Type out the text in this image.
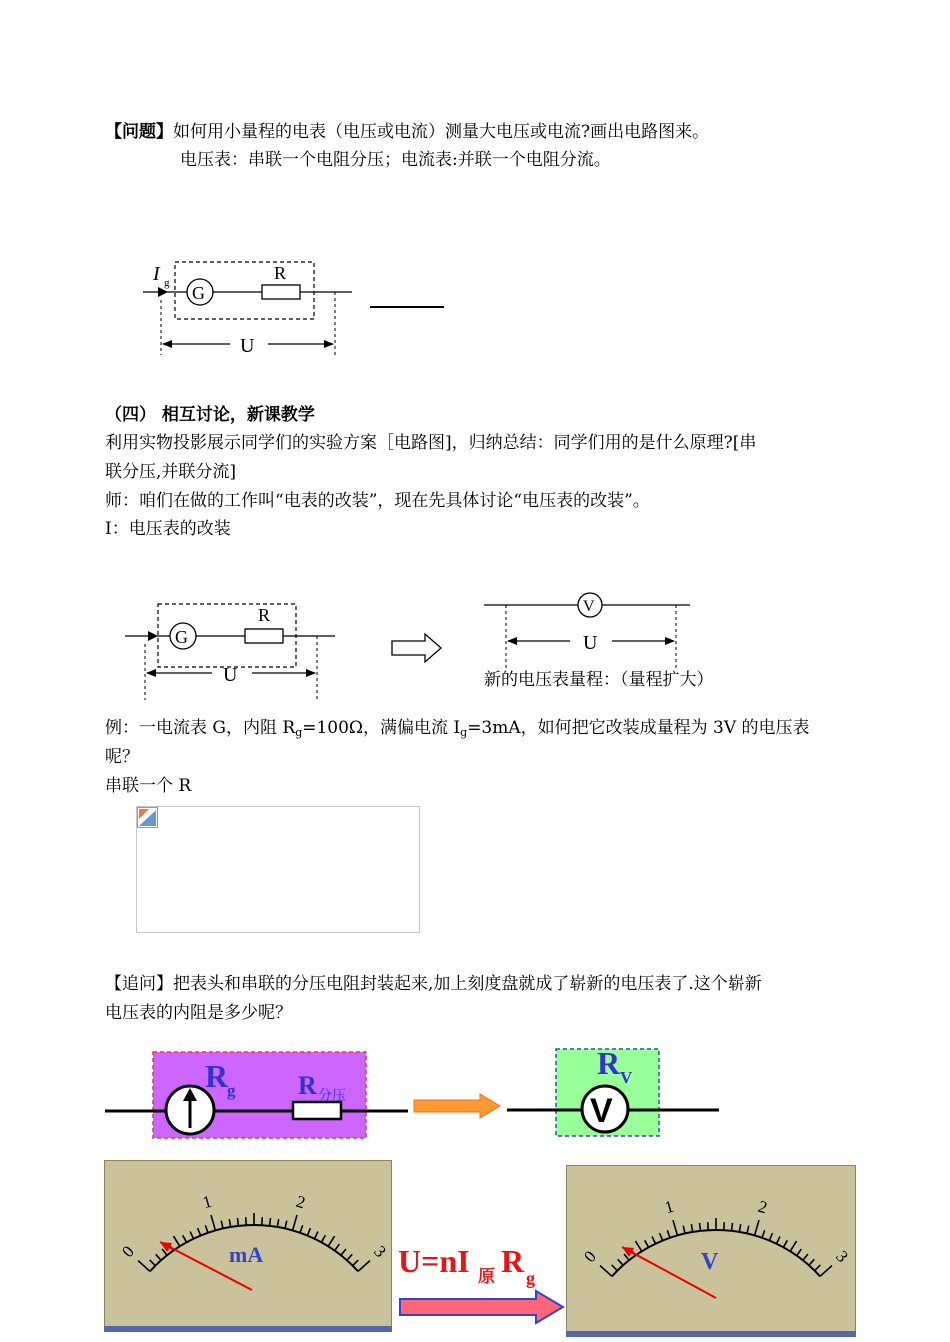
【问题】如何用小量程的电表（电压或电流）测量大电压或电流?画出电路图来。
电压表：串联一个电阻分压；电流表:并联一个电阻分流。
I g G
R
U
（四） 相互讨论，新课教学
利用实物投影展示同学们的实验方案［电路图]，归纳总结：同学们用的是什么原理?[串
联分压,并联分流]
师：咱们在做的工作叫“电表的改装”，现在先具体讨论“电压表的改装”。
I：电压表的改装
G
R
U
V
U
新的电压表量程：（量程扩大）
例：一电流表 G，内阻 $R_g=100\Omega$，满偏电流 $I_g=3mA$，如何把它改装成量程为 3V 的电压表
呢？
串联一个 R
【追问】把表头和串联的分压电阻封装起来,加上刻度盘就成了崭新的电压表了.这个崭新
电压表的内阻是多少呢？
R
g R 分压	V
R V
0
1	2
3
mA	0
1	2
3
V
U=nI 原 R g
